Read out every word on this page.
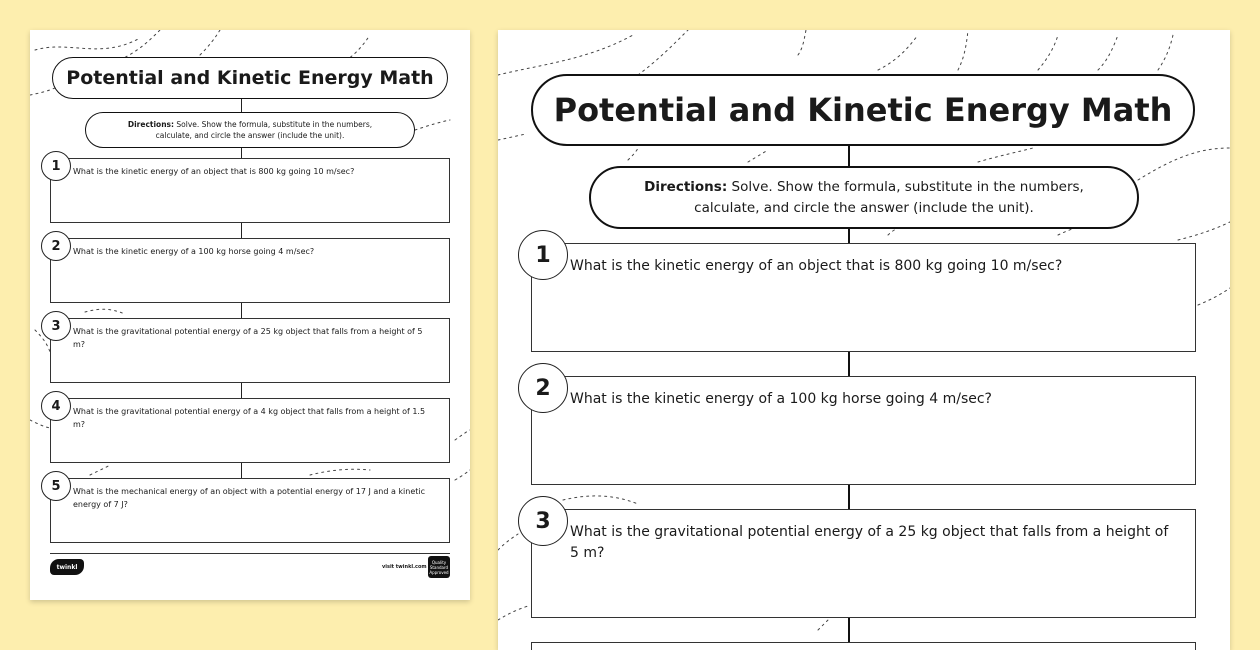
Potential and Kinetic Energy Math
Directions: Solve. Show the formula, substitute in the numbers,
calculate, and circle the answer (include the unit).
1	What is the kinetic energy of an object that is 800 kg going 10 m/sec?
2	What is the kinetic energy of a 100 kg horse going 4 m/sec?
3	What is the gravitational potential energy of a 25 kg object that falls from a height of 5 m?
4	What is the gravitational potential energy of a 4 kg object that falls from a height of 1.5 m?
5	What is the mechanical energy of an object with a potential energy of 17 J and a kinetic energy of 7 J?
twinkl	visit twinkl.com
Quality Standard Approved
Potential and Kinetic Energy Math
Directions: Solve. Show the formula, substitute in the numbers,
calculate, and circle the answer (include the unit).
1	What is the kinetic energy of an object that is 800 kg going 10 m/sec?
2	What is the kinetic energy of a 100 kg horse going 4 m/sec?
3	What is the gravitational potential energy of a 25 kg object that falls from a height of 5 m?
